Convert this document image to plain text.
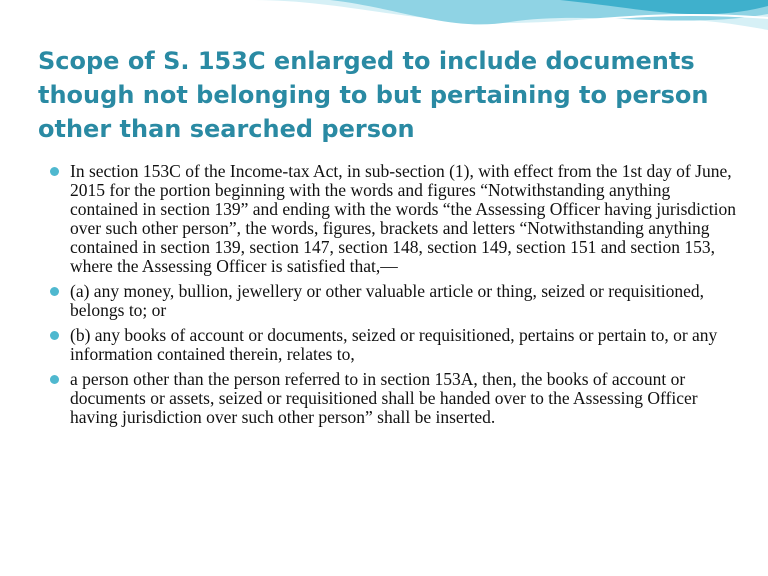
Scope of S. 153C enlarged to include documents though not belonging to but pertaining to person other than searched person
In section 153C of the Income-tax Act, in sub-section (1), with effect from the 1st day of June, 2015 for the portion beginning with the words and figures “Notwithstanding anything contained in section 139” and ending with the words “the Assessing Officer having jurisdiction over such other person”, the words, figures, brackets and letters “Notwithstanding anything contained in section 139, section 147, section 148, section 149, section 151 and section 153, where the Assessing Officer is satisfied that,—
(a) any money, bullion, jewellery or other valuable article or thing, seized or requisitioned, belongs to; or
(b) any books of account or documents, seized or requisitioned, pertains or pertain to, or any information contained therein, relates to,
a person other than the person referred to in section 153A, then, the books of account or documents or assets, seized or requisitioned shall be handed over to the Assessing Officer having jurisdiction over such other person” shall be inserted.
